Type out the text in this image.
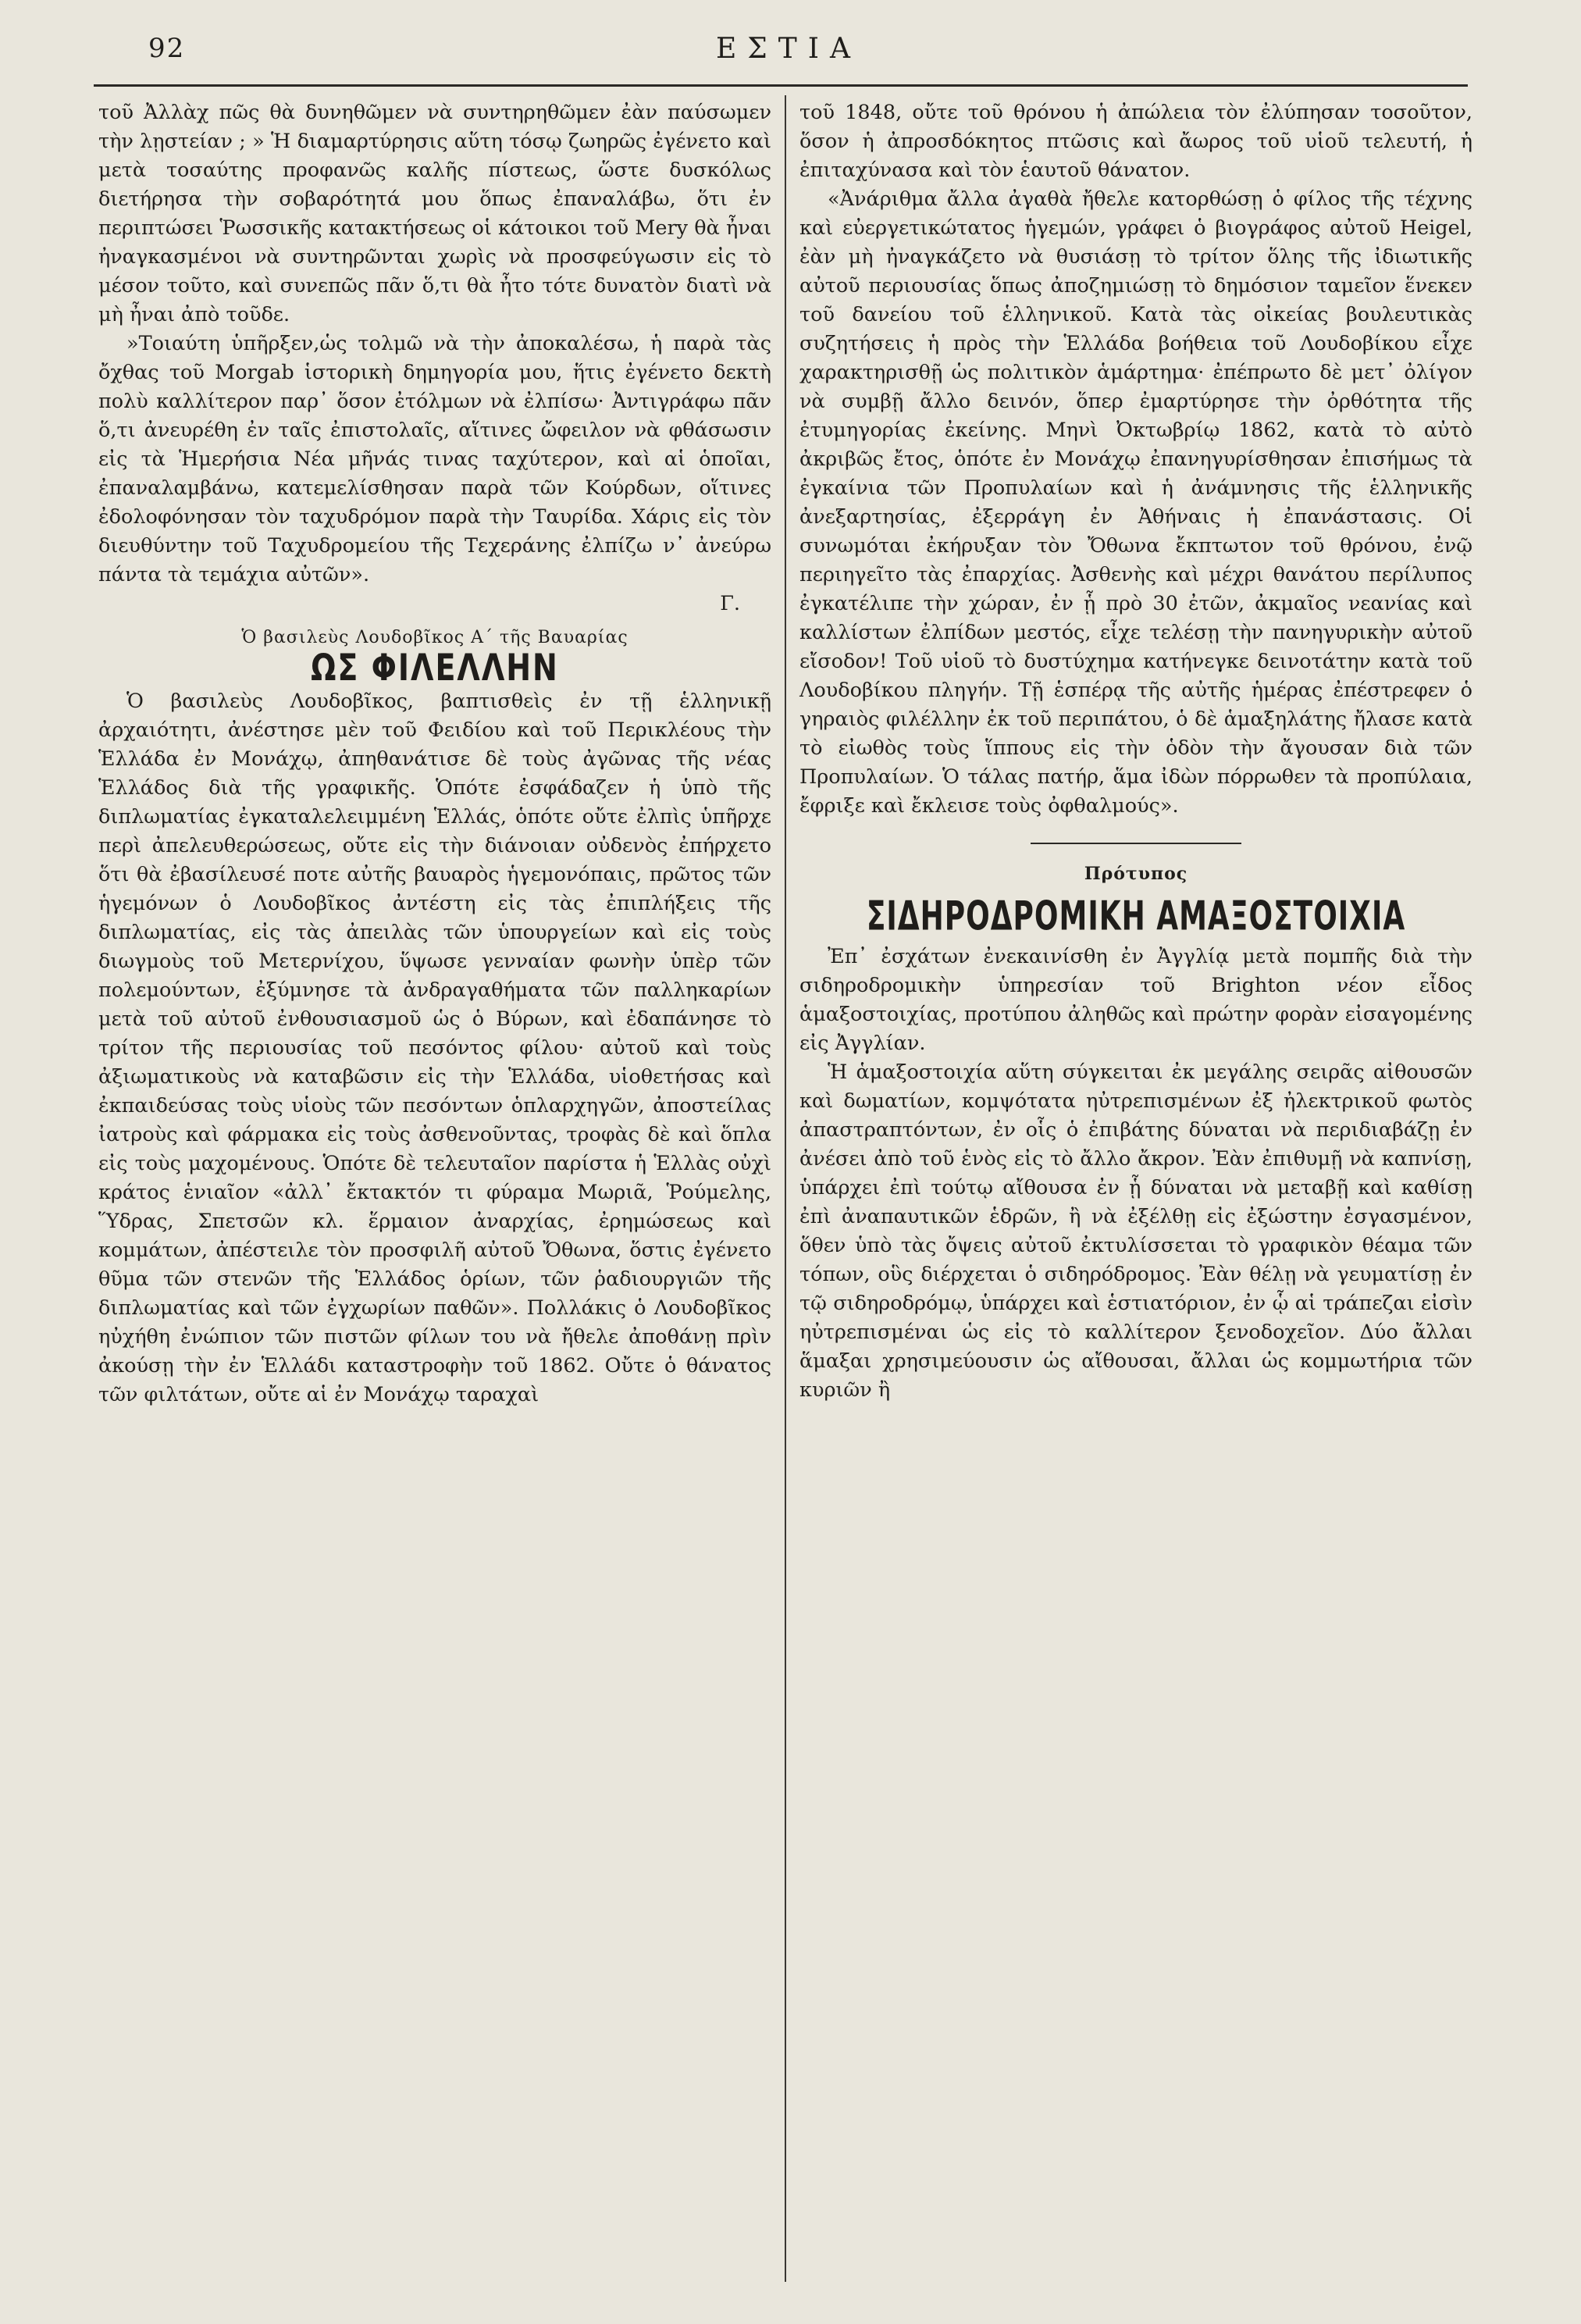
92	ΕΣΤΙΑ

τοῦ Ἀλλὰχ πῶς θὰ δυνηθῶμεν νὰ συντηρηθῶμεν ἐὰν παύσωμεν τὴν λῃστείαν ; » Ἡ διαμαρτύρησις αὕτη τόσῳ ζωηρῶς ἐγένετο καὶ μετὰ τοσαύτης προφανῶς καλῆς πίστεως, ὥστε δυσκόλως διετήρησα τὴν σοβαρότητά μου ὅπως ἐπαναλάβω, ὅτι ἐν περιπτώσει Ῥωσσικῆς κατακτήσεως οἱ κάτοικοι τοῦ Mery θὰ ἦναι ἠναγκασμένοι νὰ συντηρῶνται χωρὶς νὰ προσφεύγωσιν εἰς τὸ μέσον τοῦτο, καὶ συνεπῶς πᾶν ὅ,τι θὰ ἦτο τότε δυνατὸν διατὶ νὰ μὴ ἦναι ἀπὸ τοῦδε.

»Τοιαύτη ὑπῆρξεν,ὡς τολμῶ νὰ τὴν ἀποκαλέσω, ἡ παρὰ τὰς ὄχθας τοῦ Morgab ἱστορικὴ δημηγορία μου, ἥτις ἐγένετο δεκτὴ πολὺ καλλίτερον παρ᾽ ὅσον ἐτόλμων νὰ ἐλπίσω· Ἀντιγράφω πᾶν ὅ,τι ἀνευρέθη ἐν ταῖς ἐπιστολαῖς, αἵτινες ὤφειλον νὰ φθάσωσιν εἰς τὰ Ἡμερήσια Νέα μῆνάς τινας ταχύτερον, καὶ αἱ ὁποῖαι, ἐπαναλαμβάνω, κατεμελίσθησαν παρὰ τῶν Κούρδων, οἵτινες ἐδολοφόνησαν τὸν ταχυδρόμον παρὰ τὴν Ταυρίδα. Χάρις εἰς τὸν διευθύντην τοῦ Ταχυδρομείου τῆς Τεχεράνης ἐλπίζω ν᾽ ἀνεύρω πάντα τὰ τεμάχια αὐτῶν».

Γ.

Ὁ βασιλεὺς Λουδοβῖκος Α´ τῆς Βαυαρίας
ΩΣ ΦΙΛΕΛΛΗΝ

Ὁ βασιλεὺς Λουδοβῖκος, βαπτισθεὶς ἐν τῇ ἑλληνικῇ ἀρχαιότητι, ἀνέστησε μὲν τοῦ Φειδίου καὶ τοῦ Περικλέους τὴν Ἑλλάδα ἐν Μονάχῳ, ἀπηθανάτισε δὲ τοὺς ἀγῶνας τῆς νέας Ἑλλάδος διὰ τῆς γραφικῆς. Ὁπότε ἐσφάδαζεν ἡ ὑπὸ τῆς διπλωματίας ἐγκαταλελειμμένη Ἑλλάς, ὁπότε οὔτε ἐλπὶς ὑπῆρχε περὶ ἀπελευθερώσεως, οὔτε εἰς τὴν διάνοιαν οὐδενὸς ἐπήρχετο ὅτι θὰ ἐβασίλευσέ ποτε αὐτῆς βαυαρὸς ἡγεμονόπαις, πρῶτος τῶν ἡγεμόνων ὁ Λουδοβῖκος ἀντέστη εἰς τὰς ἐπιπλήξεις τῆς διπλωματίας, εἰς τὰς ἀπειλὰς τῶν ὑπουργείων καὶ εἰς τοὺς διωγμοὺς τοῦ Μετερνίχου, ὕψωσε γενναίαν φωνὴν ὑπὲρ τῶν πολεμούντων, ἐξύμνησε τὰ ἀνδραγαθήματα τῶν παλληκαρίων μετὰ τοῦ αὐτοῦ ἐνθουσιασμοῦ ὡς ὁ Βύρων, καὶ ἐδαπάνησε τὸ τρίτον τῆς περιουσίας τοῦ πεσόντος φίλου· αὐτοῦ καὶ τοὺς ἀξιωματικοὺς νὰ καταβῶσιν εἰς τὴν Ἑλλάδα, υἱοθετήσας καὶ ἐκπαιδεύσας τοὺς υἱοὺς τῶν πεσόντων ὁπλαρχηγῶν, ἀποστείλας ἰατροὺς καὶ φάρμακα εἰς τοὺς ἀσθενοῦντας, τροφὰς δὲ καὶ ὅπλα εἰς τοὺς μαχομένους. Ὁπότε δὲ τελευταῖον παρίστα ἡ Ἑλλὰς οὐχὶ κράτος ἑνιαῖον «ἀλλ᾽ ἔκτακτόν τι φύραμα Μωριᾶ, Ῥούμελης, Ὕδρας, Σπετσῶν κλ. ἕρμαιον ἀναρχίας, ἐρημώσεως καὶ κομμάτων, ἀπέστειλε τὸν προσφιλῆ αὐτοῦ Ὄθωνα, ὅστις ἐγένετο θῦμα τῶν στενῶν τῆς Ἑλλάδος ὁρίων, τῶν ῥαδιουργιῶν τῆς διπλωματίας καὶ τῶν ἐγχωρίων παθῶν». Πολλάκις ὁ Λουδοβῖκος ηὐχήθη ἐνώπιον τῶν πιστῶν φίλων του νὰ ἤθελε ἀποθάνῃ πρὶν ἀκούσῃ τὴν ἐν Ἑλλάδι καταστροφὴν τοῦ 1862. Οὔτε ὁ θάνατος τῶν φιλτάτων, οὔτε αἱ ἐν Μονάχῳ ταραχαὶ

τοῦ 1848, οὔτε τοῦ θρόνου ἡ ἀπώλεια τὸν ἐλύπησαν τοσοῦτον, ὅσον ἡ ἀπροσδόκητος πτῶσις καὶ ἄωρος τοῦ υἱοῦ τελευτή, ἡ ἐπιταχύνασα καὶ τὸν ἑαυτοῦ θάνατον.

«Ἀνάριθμα ἄλλα ἀγαθὰ ἤθελε κατορθώσῃ ὁ φίλος τῆς τέχνης καὶ εὐεργετικώτατος ἡγεμών, γράφει ὁ βιογράφος αὐτοῦ Heigel, ἐὰν μὴ ἠναγκάζετο νὰ θυσιάσῃ τὸ τρίτον ὅλης τῆς ἰδιωτικῆς αὐτοῦ περιουσίας ὅπως ἀποζημιώσῃ τὸ δημόσιον ταμεῖον ἕνεκεν τοῦ δανείου τοῦ ἑλληνικοῦ. Κατὰ τὰς οἰκείας βουλευτικὰς συζητήσεις ἡ πρὸς τὴν Ἑλλάδα βοήθεια τοῦ Λουδοβίκου εἶχε χαρακτηρισθῇ ὡς πολιτικὸν ἁμάρτημα· ἐπέπρωτο δὲ μετ᾽ ὀλίγον νὰ συμβῇ ἄλλο δεινόν, ὅπερ ἐμαρτύρησε τὴν ὀρθότητα τῆς ἐτυμηγορίας ἐκείνης. Μηνὶ Ὀκτωβρίῳ 1862, κατὰ τὸ αὐτὸ ἀκριβῶς ἔτος, ὁπότε ἐν Μονάχῳ ἐπανηγυρίσθησαν ἐπισήμως τὰ ἐγκαίνια τῶν Προπυλαίων καὶ ἡ ἀνάμνησις τῆς ἑλληνικῆς ἀνεξαρτησίας, ἐξερράγη ἐν Ἀθήναις ἡ ἐπανάστασις. Οἱ συνωμόται ἐκήρυξαν τὸν Ὄθωνα ἔκπτωτον τοῦ θρόνου, ἐνῷ περιηγεῖτο τὰς ἐπαρχίας. Ἀσθενὴς καὶ μέχρι θανάτου περίλυπος ἐγκατέλιπε τὴν χώραν, ἐν ᾗ πρὸ 30 ἐτῶν, ἀκμαῖος νεανίας καὶ καλλίστων ἐλπίδων μεστός, εἶχε τελέσῃ τὴν πανηγυρικὴν αὐτοῦ εἴσοδον! Τοῦ υἱοῦ τὸ δυστύχημα κατήνεγκε δεινοτάτην κατὰ τοῦ Λουδοβίκου πληγήν. Τῇ ἑσπέρᾳ τῆς αὐτῆς ἡμέρας ἐπέστρεφεν ὁ γηραιὸς φιλέλλην ἐκ τοῦ περιπάτου, ὁ δὲ ἁμαξηλάτης ἤλασε κατὰ τὸ εἰωθὸς τοὺς ἵππους εἰς τὴν ὁδὸν τὴν ἄγουσαν διὰ τῶν Προπυλαίων. Ὁ τάλας πατήρ, ἅμα ἰδὼν πόρρωθεν τὰ προπύλαια, ἔφριξε καὶ ἔκλεισε τοὺς ὀφθαλμούς».

Πρότυπος
ΣΙΔΗΡΟΔΡΟΜΙΚΗ ΑΜΑΞΟΣΤΟΙΧΙΑ

Ἐπ᾽ ἐσχάτων ἐνεκαινίσθη ἐν Ἀγγλίᾳ μετὰ πομπῆς διὰ τὴν σιδηροδρομικὴν ὑπηρεσίαν τοῦ Brighton νέον εἶδος ἁμαξοστοιχίας, προτύπου ἀληθῶς καὶ πρώτην φορὰν εἰσαγομένης εἰς Ἀγγλίαν.

Ἡ ἁμαξοστοιχία αὕτη σύγκειται ἐκ μεγάλης σειρᾶς αἰθουσῶν καὶ δωματίων, κομψότατα ηὐτρεπισμένων ἐξ ἠλεκτρικοῦ φωτὸς ἀπαστραπτόντων, ἐν οἷς ὁ ἐπιβάτης δύναται νὰ περιδιαβάζῃ ἐν ἀνέσει ἀπὸ τοῦ ἑνὸς εἰς τὸ ἄλλο ἄκρον. Ἐὰν ἐπιθυμῇ νὰ καπνίσῃ, ὑπάρχει ἐπὶ τούτῳ αἴθουσα ἐν ᾗ δύναται νὰ μεταβῇ καὶ καθίσῃ ἐπὶ ἀναπαυτικῶν ἑδρῶν, ἢ νὰ ἐξέλθῃ εἰς ἐξώστην ἐσγασμένον, ὅθεν ὑπὸ τὰς ὄψεις αὐτοῦ ἐκτυλίσσεται τὸ γραφικὸν θέαμα τῶν τόπων, οὓς διέρχεται ὁ σιδηρόδρομος. Ἐὰν θέλῃ νὰ γευματίσῃ ἐν τῷ σιδηροδρόμῳ, ὑπάρχει καὶ ἑστιατόριον, ἐν ᾧ αἱ τράπεζαι εἰσὶν ηὐτρεπισμέναι ὡς εἰς τὸ καλλίτερον ξενοδοχεῖον. Δύο ἄλλαι ἅμαξαι χρησιμεύουσιν ὡς αἴθουσαι, ἄλλαι ὡς κομμωτήρια τῶν κυριῶν ἢ
